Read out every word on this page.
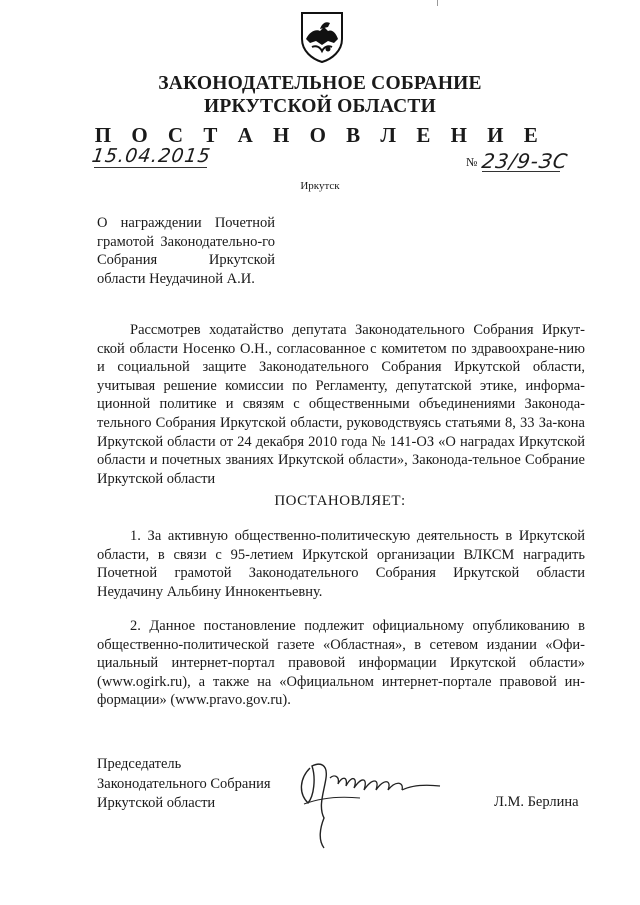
ЗАКОНОДАТЕЛЬНОЕ СОБРАНИЕ
ИРКУТСКОЙ ОБЛАСТИ
П О С Т А Н О В Л Е Н И Е
15.04.2015	№ 23/9-ЗС
Иркутск
О награждении Почетной грамотой Законодательно-го Собрания Иркутской области Неудачиной А.И.
Рассмотрев ходатайство депутата Законодательного Собрания Иркут-ской области Носенко О.Н., согласованное с комитетом по здравоохране-нию и социальной защите Законодательного Собрания Иркутской области, учитывая решение комиссии по Регламенту, депутатской этике, информа-ционной политике и связям с общественными объединениями Законода-тельного Собрания Иркутской области, руководствуясь статьями 8, 33 За-кона Иркутской области от 24 декабря 2010 года № 141-ОЗ «О наградах Иркутской области и почетных званиях Иркутской области», Законода-тельное Собрание Иркутской области
ПОСТАНОВЛЯЕТ:
1. За активную общественно-политическую деятельность в Иркутской области, в связи с 95-летием Иркутской организации ВЛКСМ наградить Почетной грамотой Законодательного Собрания Иркутской области Неудачину Альбину Иннокентьевну.
2. Данное постановление подлежит официальному опубликованию в общественно-политической газете «Областная», в сетевом издании «Офи-циальный интернет-портал правовой информации Иркутской области» (www.ogirk.ru), а также на «Официальном интернет-портале правовой ин-формации» (www.pravo.gov.ru).
Председатель
Законодательного Собрания
Иркутской области	Л.М. Берлина
